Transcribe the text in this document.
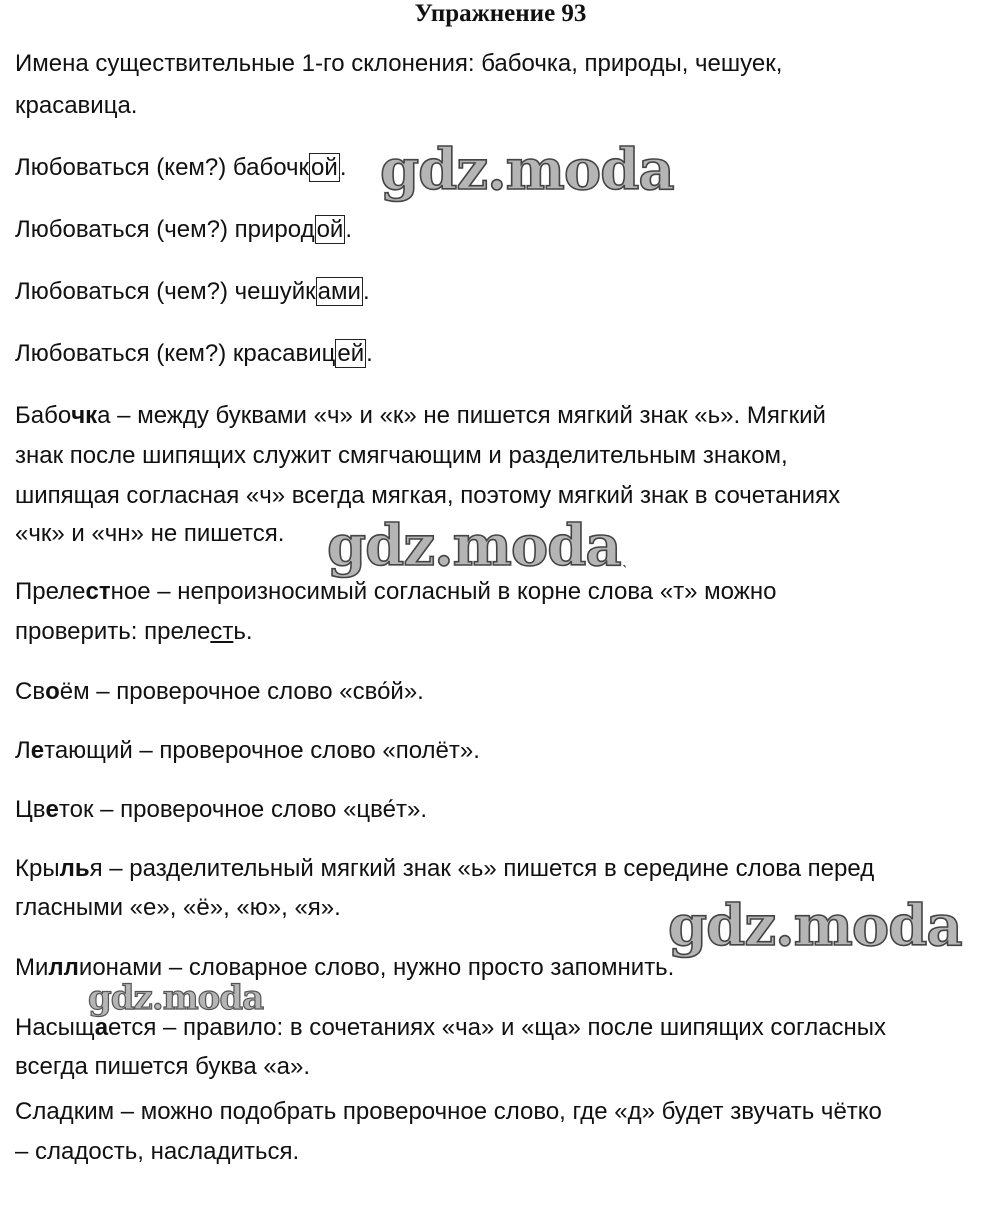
Упражнение 93

Имена существительные 1-го склонения: бабочка, природы, чешуек,

красавица.

Любоваться (кем?) бабочкой.

Любоваться (чем?) природой.

Любоваться (чем?) чешуйками.

Любоваться (кем?) красавицей.

Бабочка – между буквами «ч» и «к» не пишется мягкий знак «ь». Мягкий

знак после шипящих служит смягчающим и разделительным знаком,

шипящая согласная «ч» всегда мягкая, поэтому мягкий знак в сочетаниях

«чк» и «чн» не пишется.

Прелестное – непроизносимый согласный в корне слова «т» можно

проверить: прелесть.

Своём – проверочное слово «сво́й».

Летающий – проверочное слово «полёт».

Цветок – проверочное слово «цве́т».

Крылья – разделительный мягкий знак «ь» пишется в середине слова перед

гласными «е», «ё», «ю», «я».

Миллионами – словарное слово, нужно просто запомнить.

Насыщается – правило: в сочетаниях «ча» и «ща» после шипящих согласных

всегда пишется буква «а».

Сладким – можно подобрать проверочное слово, где «д» будет звучать чётко

– сладость, насладиться.

gdz.moda
gdz.moda ˎ
gdz.moda
gdz.moda
